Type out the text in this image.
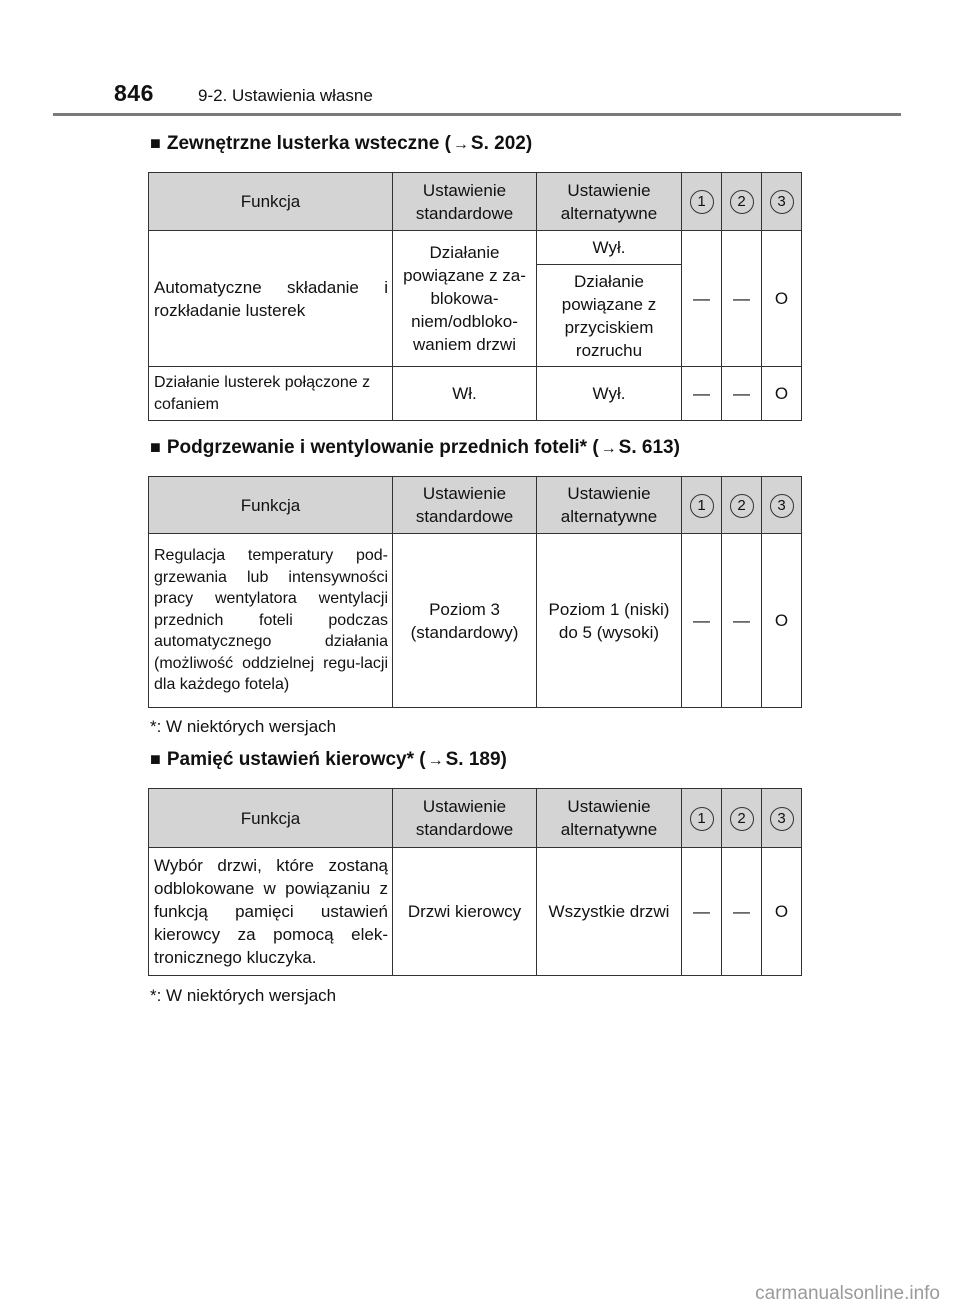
846	9-2. Ustawienia własne
■ Zewnętrzne lusterka wsteczne ( → S. 202)
Funkcja	Ustawienie standardowe	Ustawienie alternatywne	1	2	3
Automatyczne składanie i rozkładanie lusterek	Działanie powiązane z za-blokowa-niem/odbloko-waniem drzwi	Wył.	—	—	O
		Działanie powiązane z przyciskiem rozruchu			
Działanie lusterek połączone z cofaniem	Wł.	Wył.	—	—	O
■ Podgrzewanie i wentylowanie przednich foteli* ( → S. 613)
Funkcja	Ustawienie standardowe	Ustawienie alternatywne	1	2	3
Regulacja temperatury pod-grzewania lub intensywności pracy wentylatora wentylacji przednich foteli podczas automatycznego działania (możliwość oddzielnej regu-lacji dla każdego fotela)	Poziom 3 (standardowy)	Poziom 1 (niski) do 5 (wysoki)	—	—	O
*: W niektórych wersjach
■ Pamięć ustawień kierowcy* ( → S. 189)
Funkcja	Ustawienie standardowe	Ustawienie alternatywne	1	2	3
Wybór drzwi, które zostaną odblokowane w powiązaniu z funkcją pamięci ustawień kierowcy za pomocą elek-tronicznego kluczyka.	Drzwi kierowcy	Wszystkie drzwi	—	—	O
*: W niektórych wersjach
carmanualsonline.info
